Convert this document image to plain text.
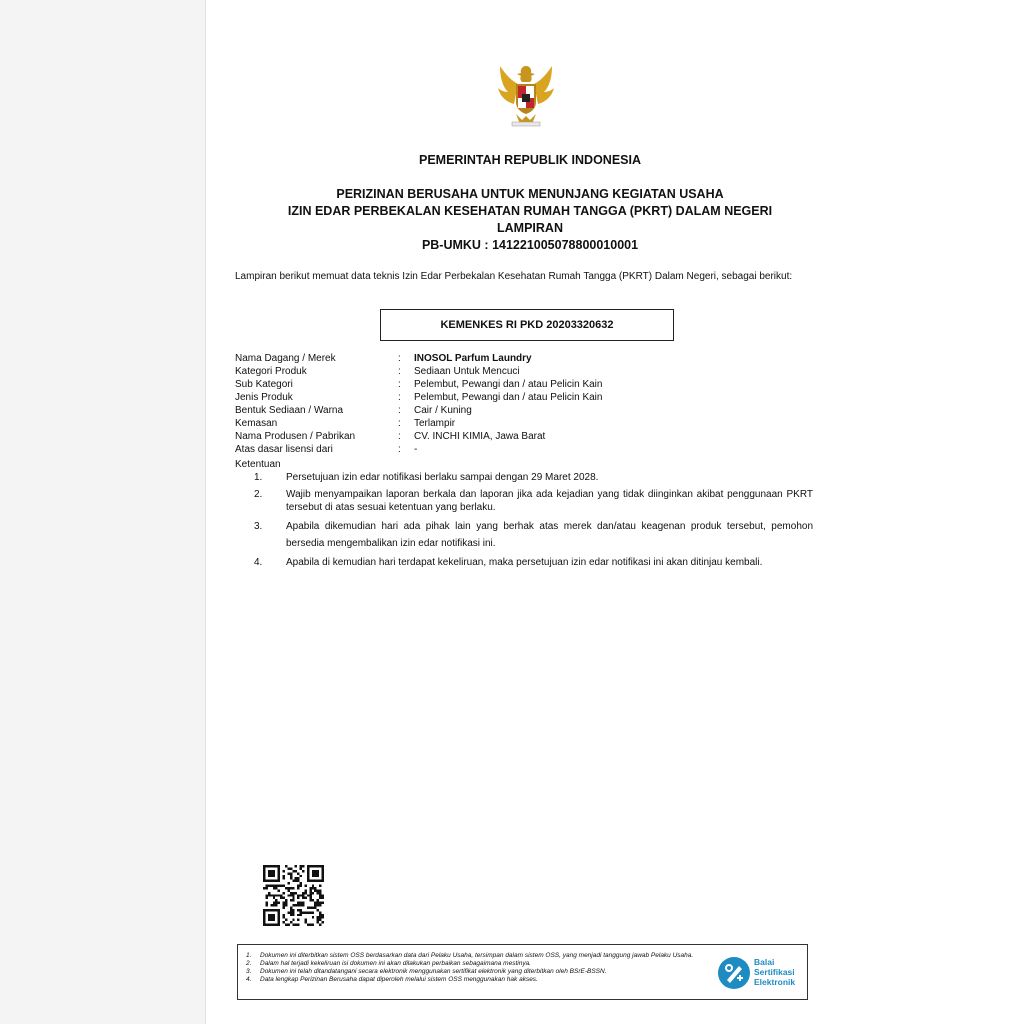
PEMERINTAH REPUBLIK INDONESIA
PERIZINAN BERUSAHA UNTUK MENUNJANG KEGIATAN USAHA
IZIN EDAR PERBEKALAN KESEHATAN RUMAH TANGGA (PKRT) DALAM NEGERI
LAMPIRAN
PB-UMKU : 141221005078800010001
Lampiran berikut memuat data teknis Izin Edar Perbekalan Kesehatan Rumah Tangga (PKRT) Dalam Negeri, sebagai berikut:
KEMENKES RI PKD 20203320632
Nama Dagang / Merek	: INOSOL Parfum Laundry
Kategori Produk	: Sediaan Untuk Mencuci
Sub Kategori	: Pelembut, Pewangi dan / atau Pelicin Kain
Jenis Produk	: Pelembut, Pewangi dan / atau Pelicin Kain
Bentuk Sediaan / Warna	: Cair / Kuning
Kemasan	: Terlampir
Nama Produsen / Pabrikan	: CV. INCHI KIMIA, Jawa Barat
Atas dasar lisensi dari	: -
Ketentuan
1. Persetujuan izin edar notifikasi berlaku sampai dengan 29 Maret 2028.
2. Wajib menyampaikan laporan berkala dan laporan jika ada kejadian yang tidak diinginkan akibat penggunaan PKRT tersebut di atas sesuai ketentuan yang berlaku.
3. Apabila dikemudian hari ada pihak lain yang berhak atas merek dan/atau keagenan produk tersebut, pemohon bersedia mengembalikan izin edar notifikasi ini.
4. Apabila di kemudian hari terdapat kekeliruan, maka persetujuan izin edar notifikasi ini akan ditinjau kembali.
1. Dokumen ini diterbitkan sistem OSS berdasarkan data dari Pelaku Usaha, tersimpan dalam sistem OSS, yang menjadi tanggung jawab Pelaku Usaha.
2. Dalam hal terjadi kekeliruan isi dokumen ini akan dilakukan perbaikan sebagaimana mestinya.
3. Dokumen ini telah ditandatangani secara elektronik menggunakan sertifikat elektronik yang diterbitkan oleh BSrE-BSSN.
4. Data lengkap Perizinan Berusaha dapat diperoleh melalui sistem OSS menggunakan hak akses.
Balai
Sertifikasi
Elektronik
